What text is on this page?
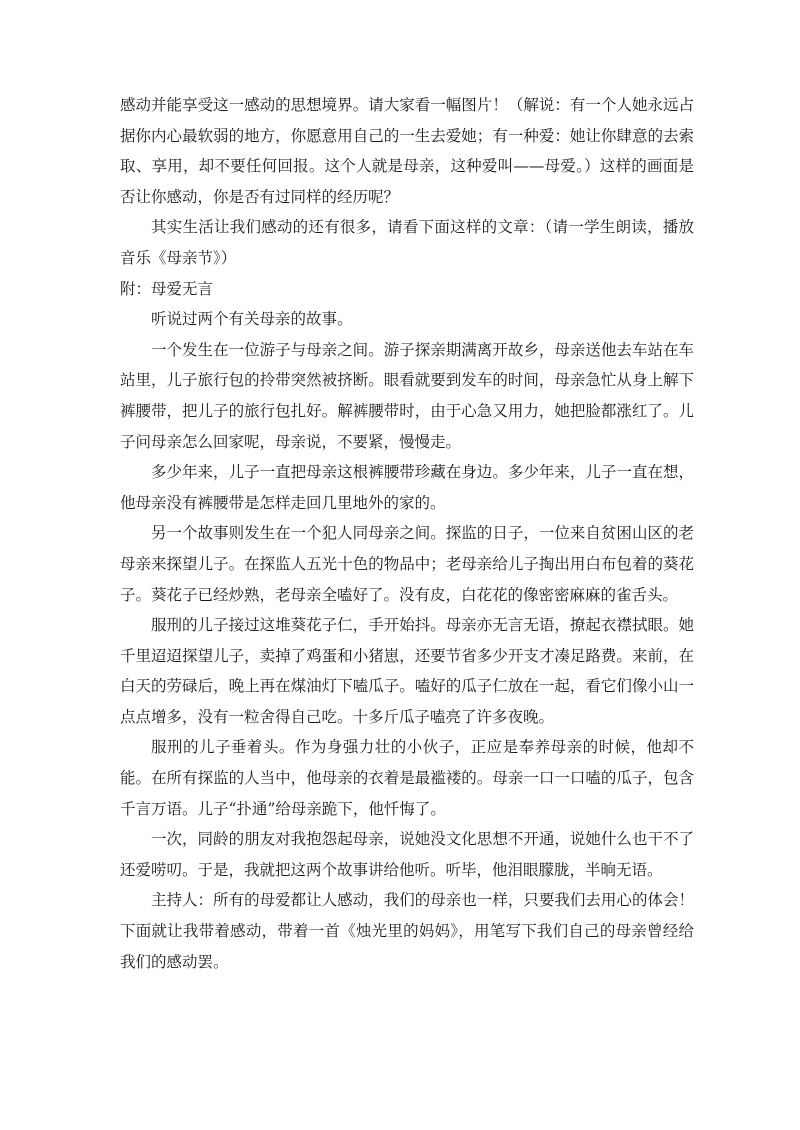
感动并能享受这一感动的思想境界。请大家看一幅图片！（解说：有一个人她永远占据你内心最软弱的地方，你愿意用自己的一生去爱她；有一种爱：她让你肆意的去索取、享用，却不要任何回报。这个人就是母亲，这种爱叫——母爱。）这样的画面是否让你感动，你是否有过同样的经历呢？

其实生活让我们感动的还有很多，请看下面这样的文章：（请一学生朗读，播放音乐《母亲节》）

附：母爱无言

听说过两个有关母亲的故事。

一个发生在一位游子与母亲之间。游子探亲期满离开故乡，母亲送他去车站在车站里，儿子旅行包的拎带突然被挤断。眼看就要到发车的时间，母亲急忙从身上解下裤腰带，把儿子的旅行包扎好。解裤腰带时，由于心急又用力，她把脸都涨红了。儿子问母亲怎么回家呢，母亲说，不要紧，慢慢走。

多少年来，儿子一直把母亲这根裤腰带珍藏在身边。多少年来，儿子一直在想，他母亲没有裤腰带是怎样走回几里地外的家的。

另一个故事则发生在一个犯人同母亲之间。探监的日子，一位来自贫困山区的老母亲来探望儿子。在探监人五光十色的物品中；老母亲给儿子掏出用白布包着的葵花子。葵花子已经炒熟，老母亲全嗑好了。没有皮，白花花的像密密麻麻的雀舌头。

服刑的儿子接过这堆葵花子仁，手开始抖。母亲亦无言无语，撩起衣襟拭眼。她千里迢迢探望儿子，卖掉了鸡蛋和小猪崽，还要节省多少开支才凑足路费。来前，在白天的劳碌后，晚上再在煤油灯下嗑瓜子。嗑好的瓜子仁放在一起，看它们像小山一点点增多，没有一粒舍得自己吃。十多斤瓜子嗑亮了许多夜晚。

服刑的儿子垂着头。作为身强力壮的小伙子，正应是奉养母亲的时候，他却不能。在所有探监的人当中，他母亲的衣着是最褴褛的。母亲一口一口嗑的瓜子，包含千言万语。儿子“扑通”给母亲跪下，他忏悔了。

一次，同龄的朋友对我抱怨起母亲，说她没文化思想不开通，说她什么也干不了还爱唠叨。于是，我就把这两个故事讲给他听。听毕，他泪眼朦胧，半晌无语。

主持人：所有的母爱都让人感动，我们的母亲也一样，只要我们去用心的体会！下面就让我带着感动，带着一首《烛光里的妈妈》，用笔写下我们自己的母亲曾经给我们的感动罢。
